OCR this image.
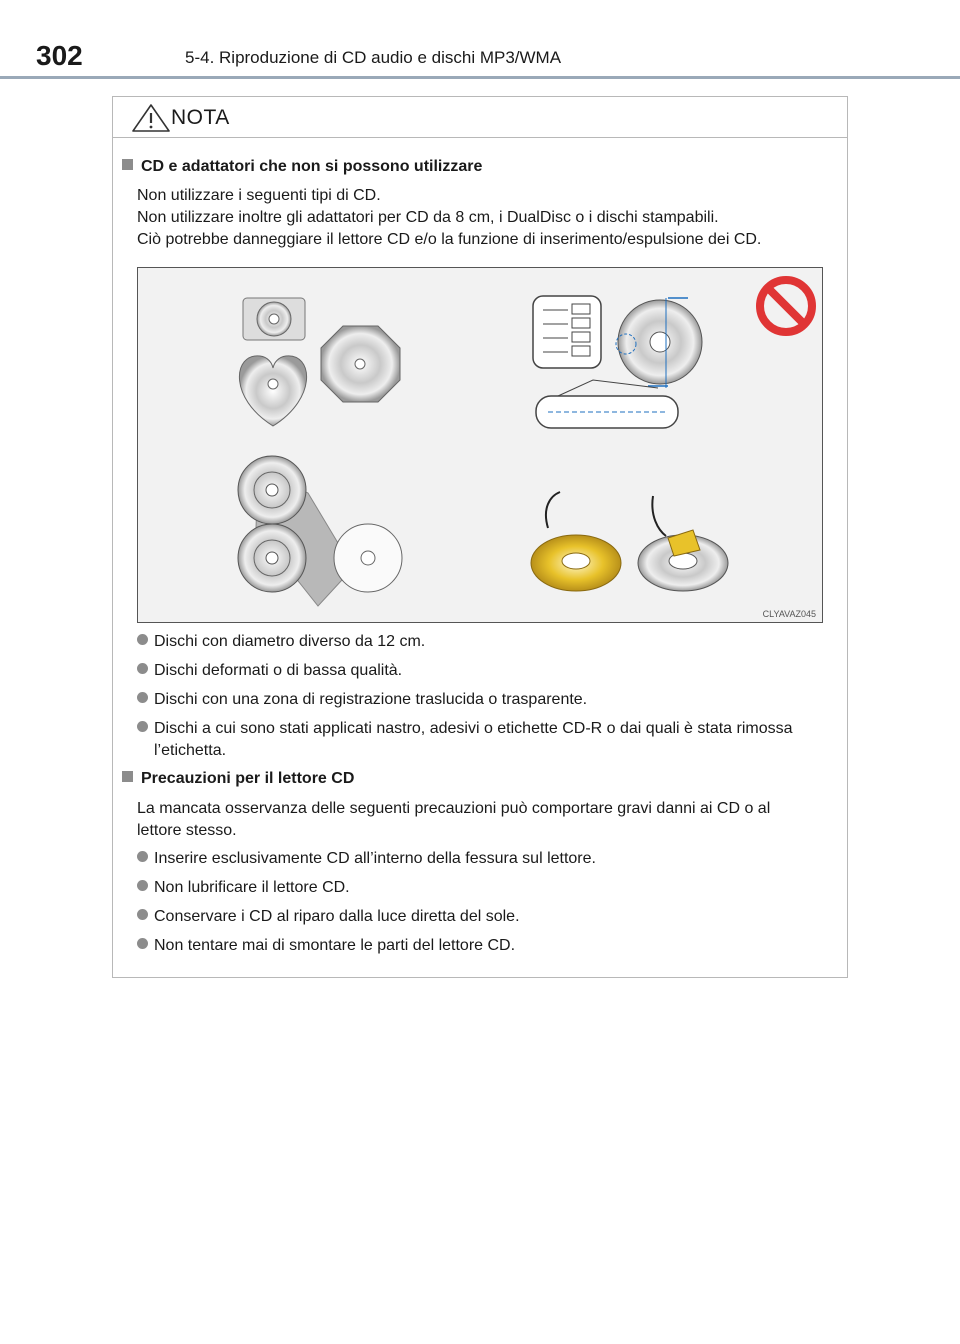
302	5-4. Riproduzione di CD audio e dischi MP3/WMA
NOTA
CD e adattatori che non si possono utilizzare
Non utilizzare i seguenti tipi di CD.
Non utilizzare inoltre gli adattatori per CD da 8 cm, i DualDisc o i dischi stampabili.
Ciò potrebbe danneggiare il lettore CD e/o la funzione di inserimento/espulsione dei CD.
CLYAVAZ045
Dischi con diametro diverso da 12 cm.
Dischi deformati o di bassa qualità.
Dischi con una zona di registrazione traslucida o trasparente.
Dischi a cui sono stati applicati nastro, adesivi o etichette CD-R o dai quali è stata rimossa
l’etichetta.
Precauzioni per il lettore CD
La mancata osservanza delle seguenti precauzioni può comportare gravi danni ai CD o al
lettore stesso.
Inserire esclusivamente CD all’interno della fessura sul lettore.
Non lubrificare il lettore CD.
Conservare i CD al riparo dalla luce diretta del sole.
Non tentare mai di smontare le parti del lettore CD.
